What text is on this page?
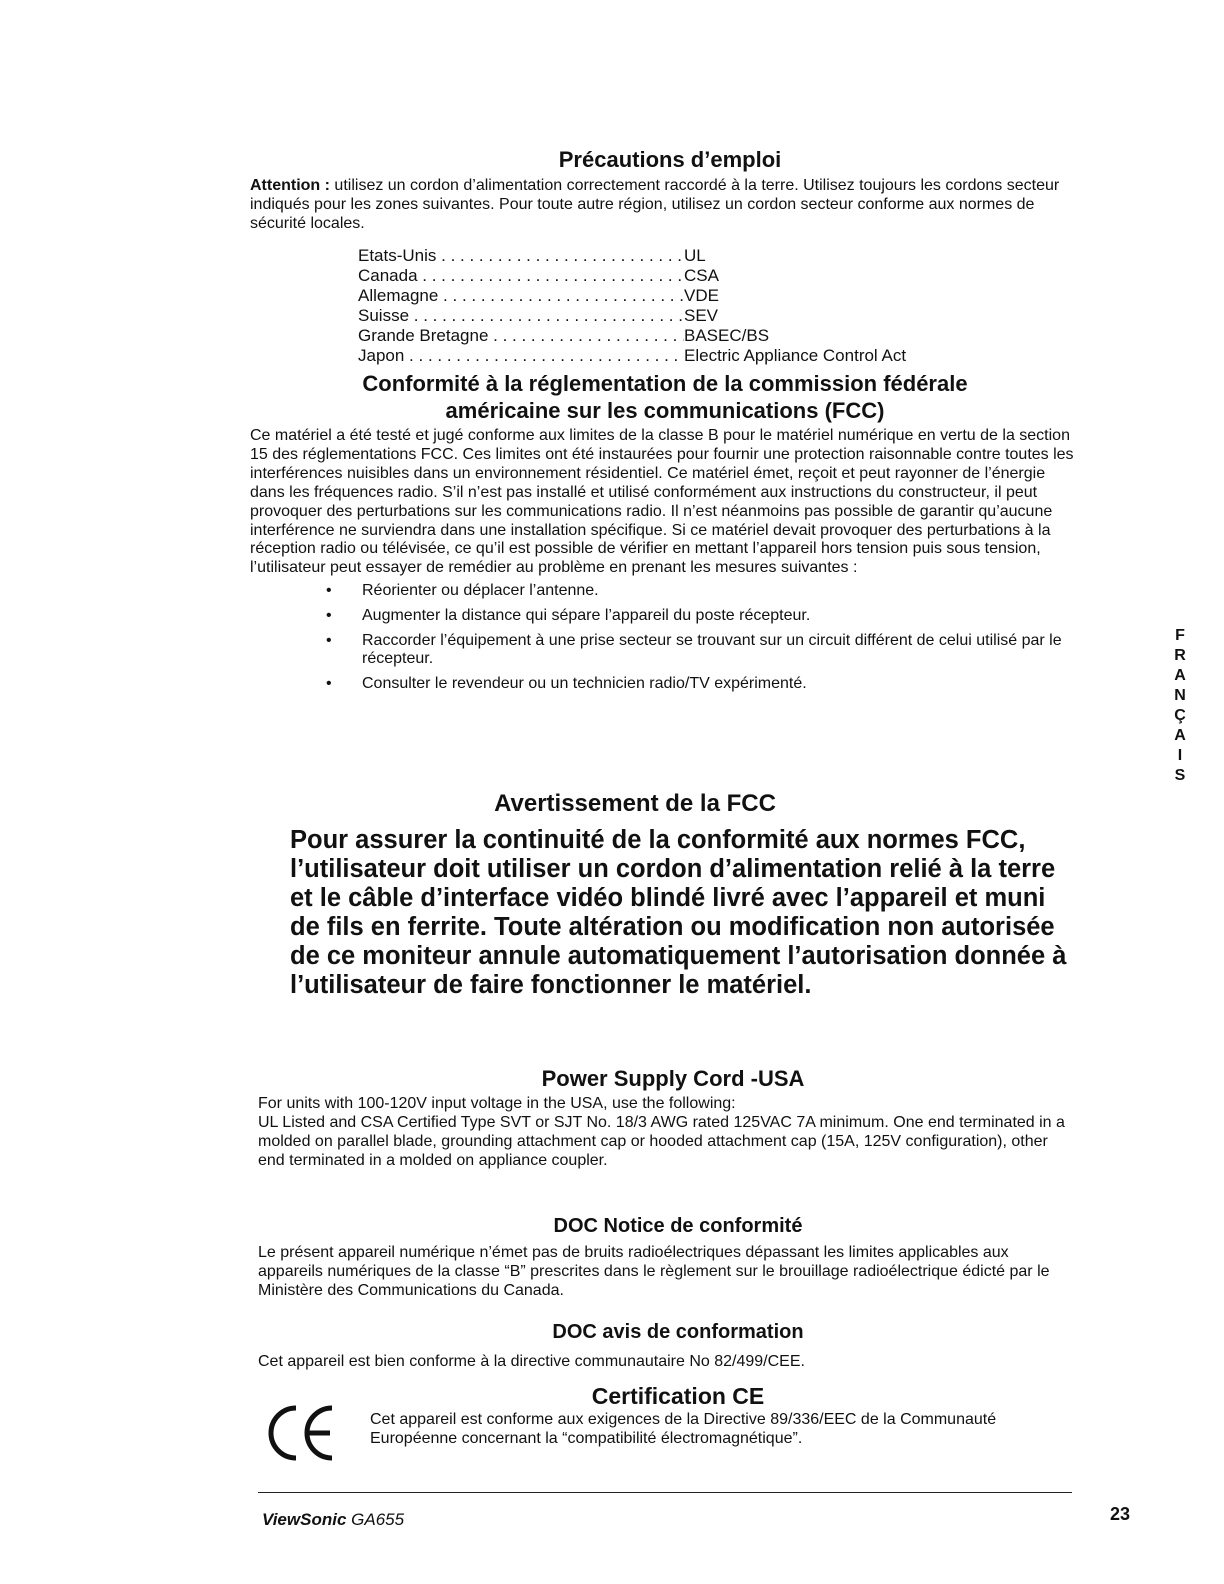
Précautions d’emploi

Attention : utilisez un cordon d’alimentation correctement raccordé à la terre. Utilisez toujours les cordons secteur indiqués pour les zones suivantes. Pour toute autre région, utilisez un cordon secteur conforme aux normes de sécurité locales.

Etats-Unis . . .	UL
Canada . . .	CSA
Allemagne . . .	VDE
Suisse . . .	SEV
Grande Bretagne . . .	BASEC/BS
Japon . . .	Electric Appliance Control Act
Conformité à la réglementation de la commission fédérale
américaine sur les communications (FCC)

Ce matériel a été testé et jugé conforme aux limites de la classe B pour le matériel numérique en vertu de la section 15 des réglementations FCC. Ces limites ont été instaurées pour fournir une protection raisonnable contre toutes les interférences nuisibles dans un environnement résidentiel. Ce matériel émet, reçoit et peut rayonner de l’énergie dans les fréquences radio. S’il n’est pas installé et utilisé conformément aux instructions du constructeur, il peut provoquer des perturbations sur les communications radio. Il n’est néanmoins pas possible de garantir qu’aucune interférence ne surviendra dans une installation spécifique. Si ce matériel devait provoquer des perturbations à la réception radio ou télévisée, ce qu’il est possible de vérifier en mettant l’appareil hors tension puis sous tension, l’utilisateur peut essayer de remédier au problème en prenant les mesures suivantes :

• Réorienter ou déplacer l’antenne.
• Augmenter la distance qui sépare l’appareil du poste récepteur.
• Raccorder l’équipement à une prise secteur se trouvant sur un circuit différent de celui utilisé par le récepteur.
• Consulter le revendeur ou un technicien radio/TV expérimenté.
Avertissement de la FCC

Pour assurer la continuité de la conformité aux normes FCC, l’utilisateur doit utiliser un cordon d’alimentation relié à la terre et le câble d’interface vidéo blindé livré avec l’appareil et muni de fils en ferrite. Toute altération ou modification non autorisée de ce moniteur annule automatiquement l’autorisation donnée à l’utilisateur de faire fonctionner le matériel.

Power Supply Cord -USA

For units with 100-120V input voltage in the USA, use the following:

UL Listed and CSA Certified Type SVT or SJT No. 18/3 AWG rated 125VAC 7A minimum. One end terminated in a molded on parallel blade, grounding attachment cap or hooded attachment cap (15A, 125V configuration), other end terminated in a molded on appliance coupler.

DOC Notice de conformité

Le présent appareil numérique n’émet pas de bruits radioélectriques dépassant les limites applicables aux appareils numériques de la classe “B” prescrites dans le règlement sur le brouillage radioélectrique édicté par le Ministère des Communications du Canada.

DOC avis de conformation

Cet appareil est bien conforme à la directive communautaire No 82/499/CEE.

Certification CE

Cet appareil est conforme aux exigences de la Directive 89/336/EEC de la Communauté Européenne concernant la “compatibilité électromagnétique”.

ViewSonic GA655	23
F
R
A
N
Ç
A
I
S
